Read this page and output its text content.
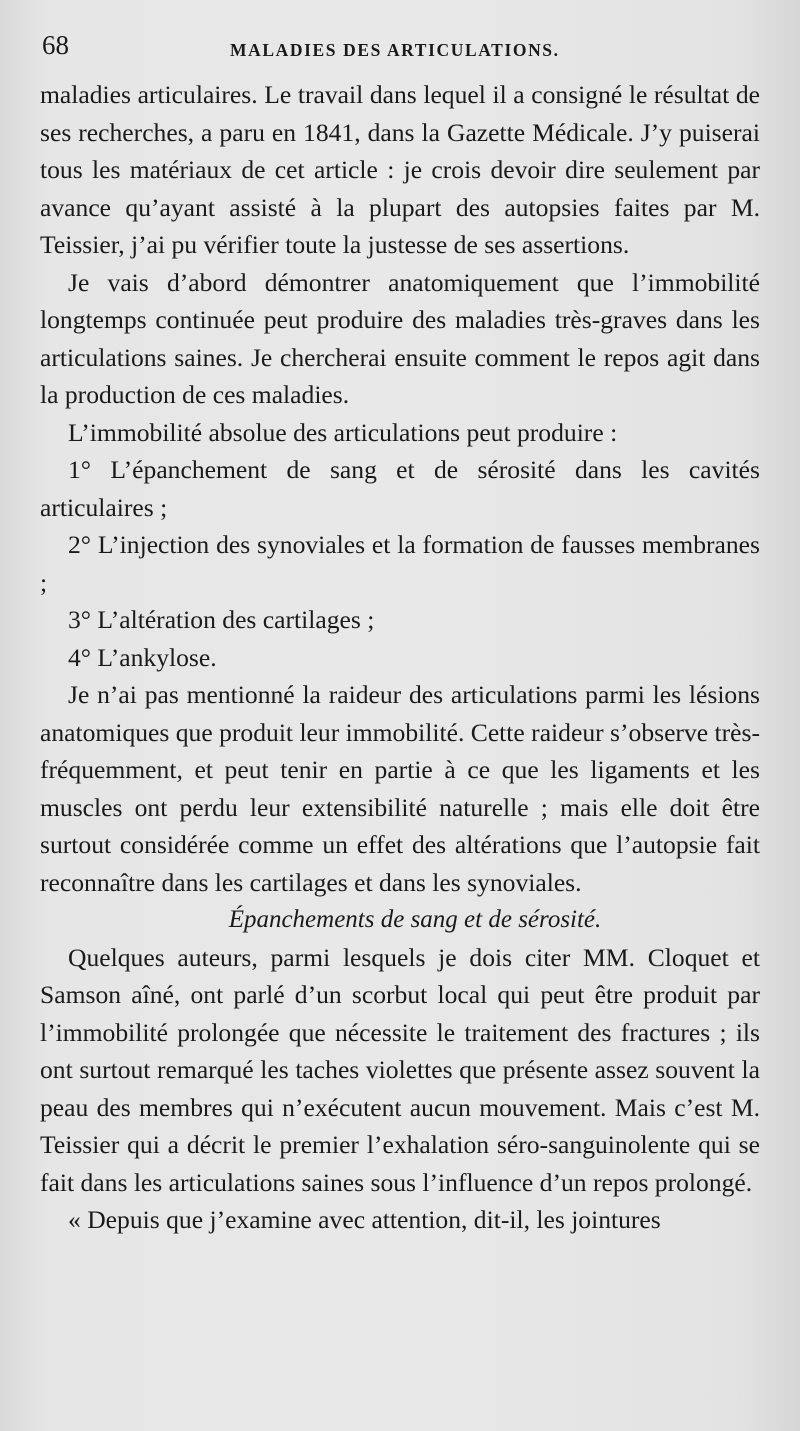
68	MALADIES DES ARTICULATIONS.

maladies articulaires. Le travail dans lequel il a consigné le résultat de ses recherches, a paru en 1841, dans la Gazette Médicale. J’y puiserai tous les matériaux de cet article : je crois devoir dire seulement par avance qu’ayant assisté à la plupart des autopsies faites par M. Teissier, j’ai pu vérifier toute la justesse de ses assertions.

Je vais d’abord démontrer anatomiquement que l’immobilité longtemps continuée peut produire des maladies très-graves dans les articulations saines. Je chercherai ensuite comment le repos agit dans la production de ces maladies.

L’immobilité absolue des articulations peut produire :

1° L’épanchement de sang et de sérosité dans les cavités articulaires ;

2° L’injection des synoviales et la formation de fausses membranes ;

3° L’altération des cartilages ;

4° L’ankylose.

Je n’ai pas mentionné la raideur des articulations parmi les lésions anatomiques que produit leur immobilité. Cette raideur s’observe très-fréquemment, et peut tenir en partie à ce que les ligaments et les muscles ont perdu leur extensibilité naturelle ; mais elle doit être surtout considérée comme un effet des altérations que l’autopsie fait reconnaître dans les cartilages et dans les synoviales.

Épanchements de sang et de sérosité.

Quelques auteurs, parmi lesquels je dois citer MM. Cloquet et Samson aîné, ont parlé d’un scorbut local qui peut être produit par l’immobilité prolongée que nécessite le traitement des fractures ; ils ont surtout remarqué les taches violettes que présente assez souvent la peau des membres qui n’exécutent aucun mouvement. Mais c’est M. Teissier qui a décrit le premier l’exhalation séro-sanguinolente qui se fait dans les articulations saines sous l’influence d’un repos prolongé.

« Depuis que j’examine avec attention, dit-il, les jointures
